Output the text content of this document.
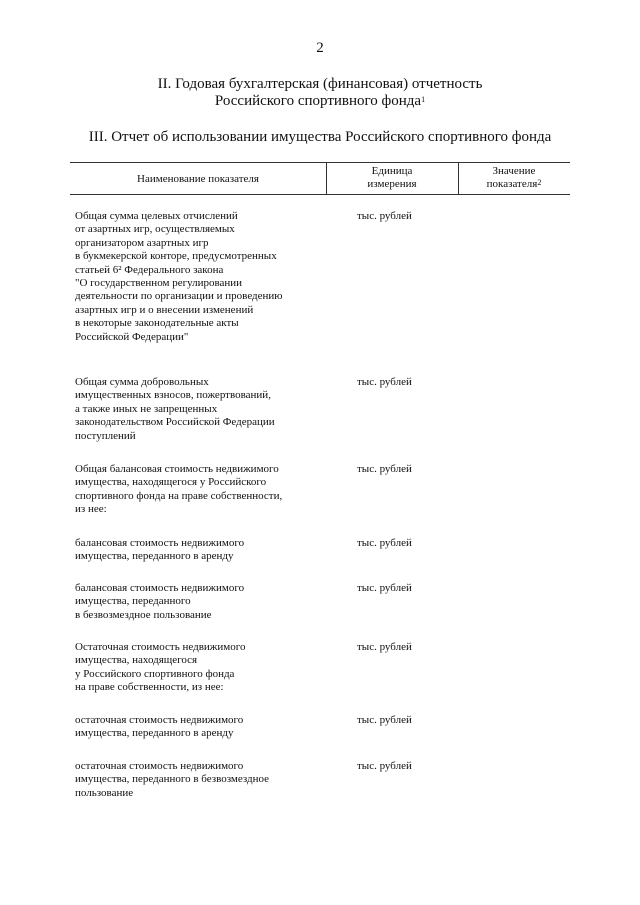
2
II. Годовая бухгалтерская (финансовая) отчетность
Российского спортивного фонда$^1$
III. Отчет об использовании имущества Российского спортивного фонда
Наименование показателя
Единица
измерения
Значение
показателя$^2$
Общая сумма целевых отчислений
от азартных игр, осуществляемых
организатором азартных игр
в букмекерской конторе, предусмотренных
статьей 6² Федерального закона
"О государственном регулировании
деятельности по организации и проведению
азартных игр и о внесении изменений
в некоторые законодательные акты
Российской Федерации"
тыс. рублей
Общая сумма добровольных
имущественных взносов, пожертвований,
а также иных не запрещенных
законодательством Российской Федерации
поступлений
тыс. рублей
Общая балансовая стоимость недвижимого
имущества, находящегося у Российского
спортивного фонда на праве собственности,
из нее:
тыс. рублей
балансовая стоимость недвижимого
имущества, переданного в аренду
тыс. рублей
балансовая стоимость недвижимого
имущества, переданного
в безвозмездное пользование
тыс. рублей
Остаточная стоимость недвижимого
имущества, находящегося
у Российского спортивного фонда
на праве собственности, из нее:
тыс. рублей
остаточная стоимость недвижимого
имущества, переданного в аренду
тыс. рублей
остаточная стоимость недвижимого
имущества, переданного в безвозмездное
пользование
тыс. рублей
